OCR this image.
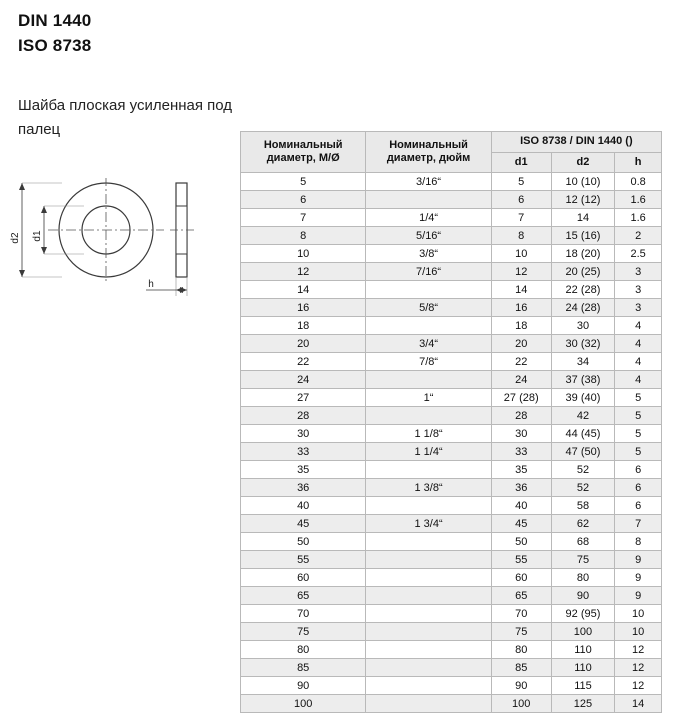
DIN 1440
ISO 8738
Шайба плоская усиленная под палец
d2 d1
h
Номинальный диаметр, М/Ø	Номинальный диаметр, дюйм	ISO 8738 / DIN 1440 ()		
		d1	d2	h
5	3/16“	5	10 (10)	0.8
6		6	12 (12)	1.6
7	1/4“	7	14	1.6
8	5/16“	8	15 (16)	2
10	3/8“	10	18 (20)	2.5
12	7/16“	12	20 (25)	3
14		14	22 (28)	3
16	5/8“	16	24 (28)	3
18		18	30	4
20	3/4“	20	30 (32)	4
22	7/8“	22	34	4
24		24	37 (38)	4
27	1“	27 (28)	39 (40)	5
28		28	42	5
30	1 1/8“	30	44 (45)	5
33	1 1/4“	33	47 (50)	5
35		35	52	6
36	1 3/8“	36	52	6
40		40	58	6
45	1 3/4“	45	62	7
50		50	68	8
55		55	75	9
60		60	80	9
65		65	90	9
70		70	92 (95)	10
75		75	100	10
80		80	110	12
85		85	110	12
90		90	115	12
100		100	125	14
